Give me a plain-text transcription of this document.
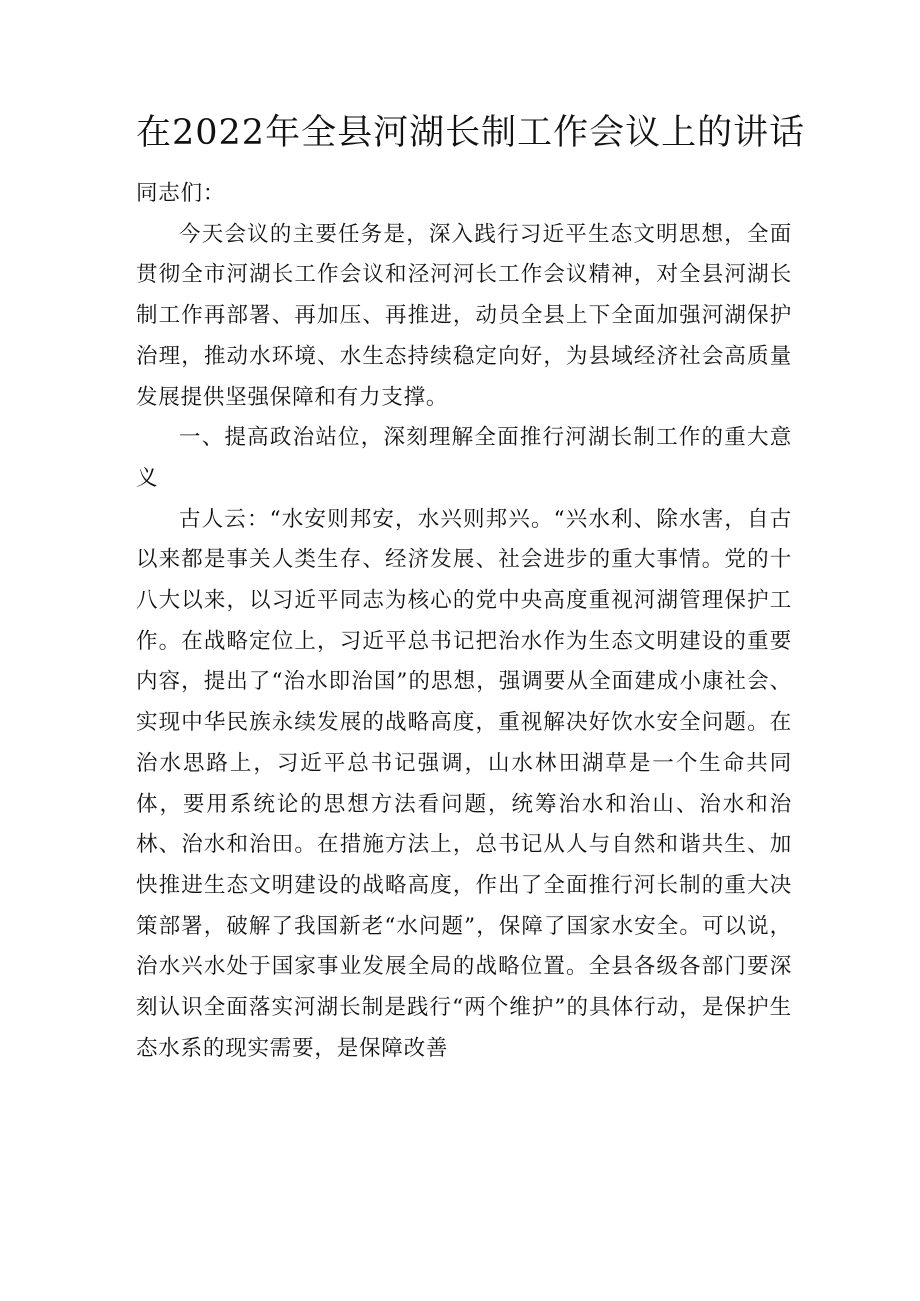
在2022年全县河湖长制工作会议上的讲话

同志们：

今天会议的主要任务是，深入践行习近平生态文明思想，全面贯彻全市河湖长工作会议和泾河河长工作会议精神，对全县河湖长制工作再部署、再加压、再推进，动员全县上下全面加强河湖保护治理，推动水环境、水生态持续稳定向好，为县域经济社会高质量发展提供坚强保障和有力支撑。

一、提高政治站位，深刻理解全面推行河湖长制工作的重大意义

古人云：“水安则邦安，水兴则邦兴。“兴水利、除水害，自古以来都是事关人类生存、经济发展、社会进步的重大事情。党的十八大以来，以习近平同志为核心的党中央高度重视河湖管理保护工作。在战略定位上，习近平总书记把治水作为生态文明建设的重要内容，提出了“治水即治国”的思想，强调要从全面建成小康社会、实现中华民族永续发展的战略高度，重视解决好饮水安全问题。在治水思路上，习近平总书记强调，山水林田湖草是一个生命共同体，要用系统论的思想方法看问题，统筹治水和治山、治水和治林、治水和治田。在措施方法上，总书记从人与自然和谐共生、加快推进生态文明建设的战略高度，作出了全面推行河长制的重大决策部署，破解了我国新老“水问题”，保障了国家水安全。可以说，治水兴水处于国家事业发展全局的战略位置。全县各级各部门要深刻认识全面落实河湖长制是践行“两个维护”的具体行动，是保护生态水系的现实需要，是保障改善
